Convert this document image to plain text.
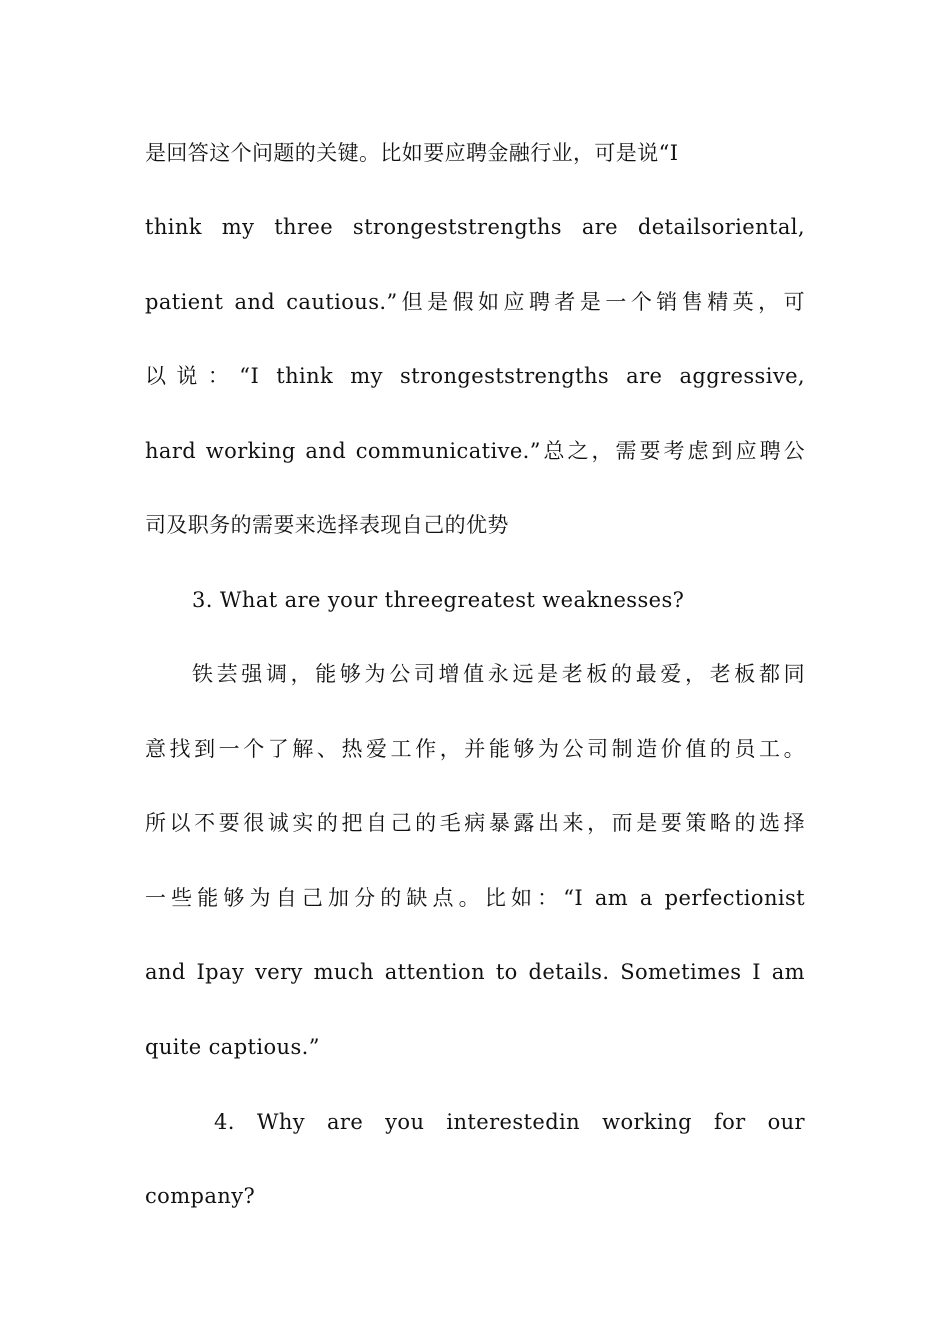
是回答这个问题的关键。比如要应聘金融行业，可是说“I
think my three strongeststrengths are detailsoriental,
patient and cautious.”但是假如应聘者是一个销售精英，可
以说：“I think my strongeststrengths are aggressive,
hard working and communicative.”总之，需要考虑到应聘公
司及职务的需要来选择表现自己的优势
3. What are your threegreatest weaknesses?
铁芸强调，能够为公司增值永远是老板的最爱，老板都同
意找到一个了解、热爱工作，并能够为公司制造价值的员工。
所以不要很诚实的把自己的毛病暴露出来，而是要策略的选择
一些能够为自己加分的缺点。比如：“I am a perfectionist
and Ipay very much attention to details. Sometimes I am
quite captious.”
4. Why are you interestedin working for our
company?
